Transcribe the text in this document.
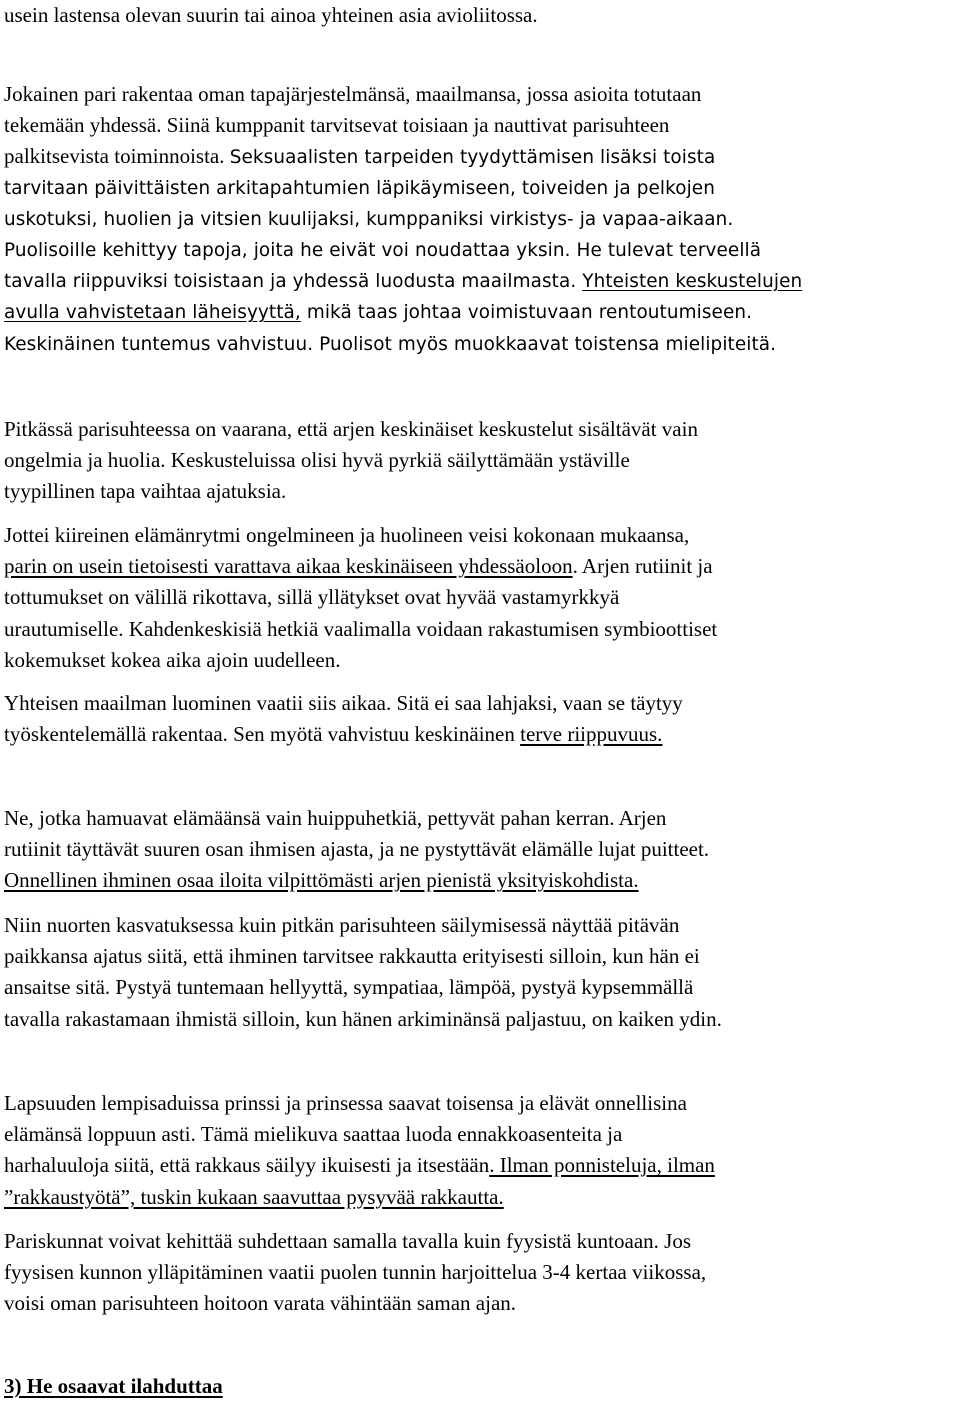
usein lastensa olevan suurin tai ainoa yhteinen asia avioliitossa.
Jokainen pari rakentaa oman tapajärjestelmänsä, maailmansa, jossa asioita totutaan
tekemään yhdessä. Siinä kumppanit tarvitsevat toisiaan ja nauttivat parisuhteen
palkitsevista toiminnoista. Seksuaalisten tarpeiden tyydyttämisen lisäksi toista
tarvitaan päivittäisten arkitapahtumien läpikäymiseen, toiveiden ja pelkojen
uskotuksi, huolien ja vitsien kuulijaksi, kumppaniksi virkistys- ja vapaa-aikaan.
Puolisoille kehittyy tapoja, joita he eivät voi noudattaa yksin. He tulevat terveellä
tavalla riippuviksi toisistaan ja yhdessä luodusta maailmasta. Yhteisten keskustelujen
avulla vahvistetaan läheisyyttä, mikä taas johtaa voimistuvaan rentoutumiseen.
Keskinäinen tuntemus vahvistuu. Puolisot myös muokkaavat toistensa mielipiteitä.
Pitkässä parisuhteessa on vaarana, että arjen keskinäiset keskustelut sisältävät vain
ongelmia ja huolia. Keskusteluissa olisi hyvä pyrkiä säilyttämään ystäville
tyypillinen tapa vaihtaa ajatuksia.
Jottei kiireinen elämänrytmi ongelmineen ja huolineen veisi kokonaan mukaansa,
parin on usein tietoisesti varattava aikaa keskinäiseen yhdessäoloon. Arjen rutiinit ja
tottumukset on välillä rikottava, sillä yllätykset ovat hyvää vastamyrkkyä
urautumiselle. Kahdenkeskisiä hetkiä vaalimalla voidaan rakastumisen symbioottiset
kokemukset kokea aika ajoin uudelleen.
Yhteisen maailman luominen vaatii siis aikaa. Sitä ei saa lahjaksi, vaan se täytyy
työskentelemällä rakentaa. Sen myötä vahvistuu keskinäinen terve riippuvuus.
Ne, jotka hamuavat elämäänsä vain huippuhetkiä, pettyvät pahan kerran. Arjen
rutiinit täyttävät suuren osan ihmisen ajasta, ja ne pystyttävät elämälle lujat puitteet.
Onnellinen ihminen osaa iloita vilpittömästi arjen pienistä yksityiskohdista.
Niin nuorten kasvatuksessa kuin pitkän parisuhteen säilymisessä näyttää pitävän
paikkansa ajatus siitä, että ihminen tarvitsee rakkautta erityisesti silloin, kun hän ei
ansaitse sitä. Pystyä tuntemaan hellyyttä, sympatiaa, lämpöä, pystyä kypsemmällä
tavalla rakastamaan ihmistä silloin, kun hänen arkiminänsä paljastuu, on kaiken ydin.
Lapsuuden lempisaduissa prinssi ja prinsessa saavat toisensa ja elävät onnellisina
elämänsä loppuun asti. Tämä mielikuva saattaa luoda ennakkoasenteita ja
harhaluuloja siitä, että rakkaus säilyy ikuisesti ja itsestään. Ilman ponnisteluja, ilman
”rakkaustyötä”, tuskin kukaan saavuttaa pysyvää rakkautta.
Pariskunnat voivat kehittää suhdettaan samalla tavalla kuin fyysistä kuntoaan. Jos
fyysisen kunnon ylläpitäminen vaatii puolen tunnin harjoittelua 3-4 kertaa viikossa,
voisi oman parisuhteen hoitoon varata vähintään saman ajan.
3) He osaavat ilahduttaa
